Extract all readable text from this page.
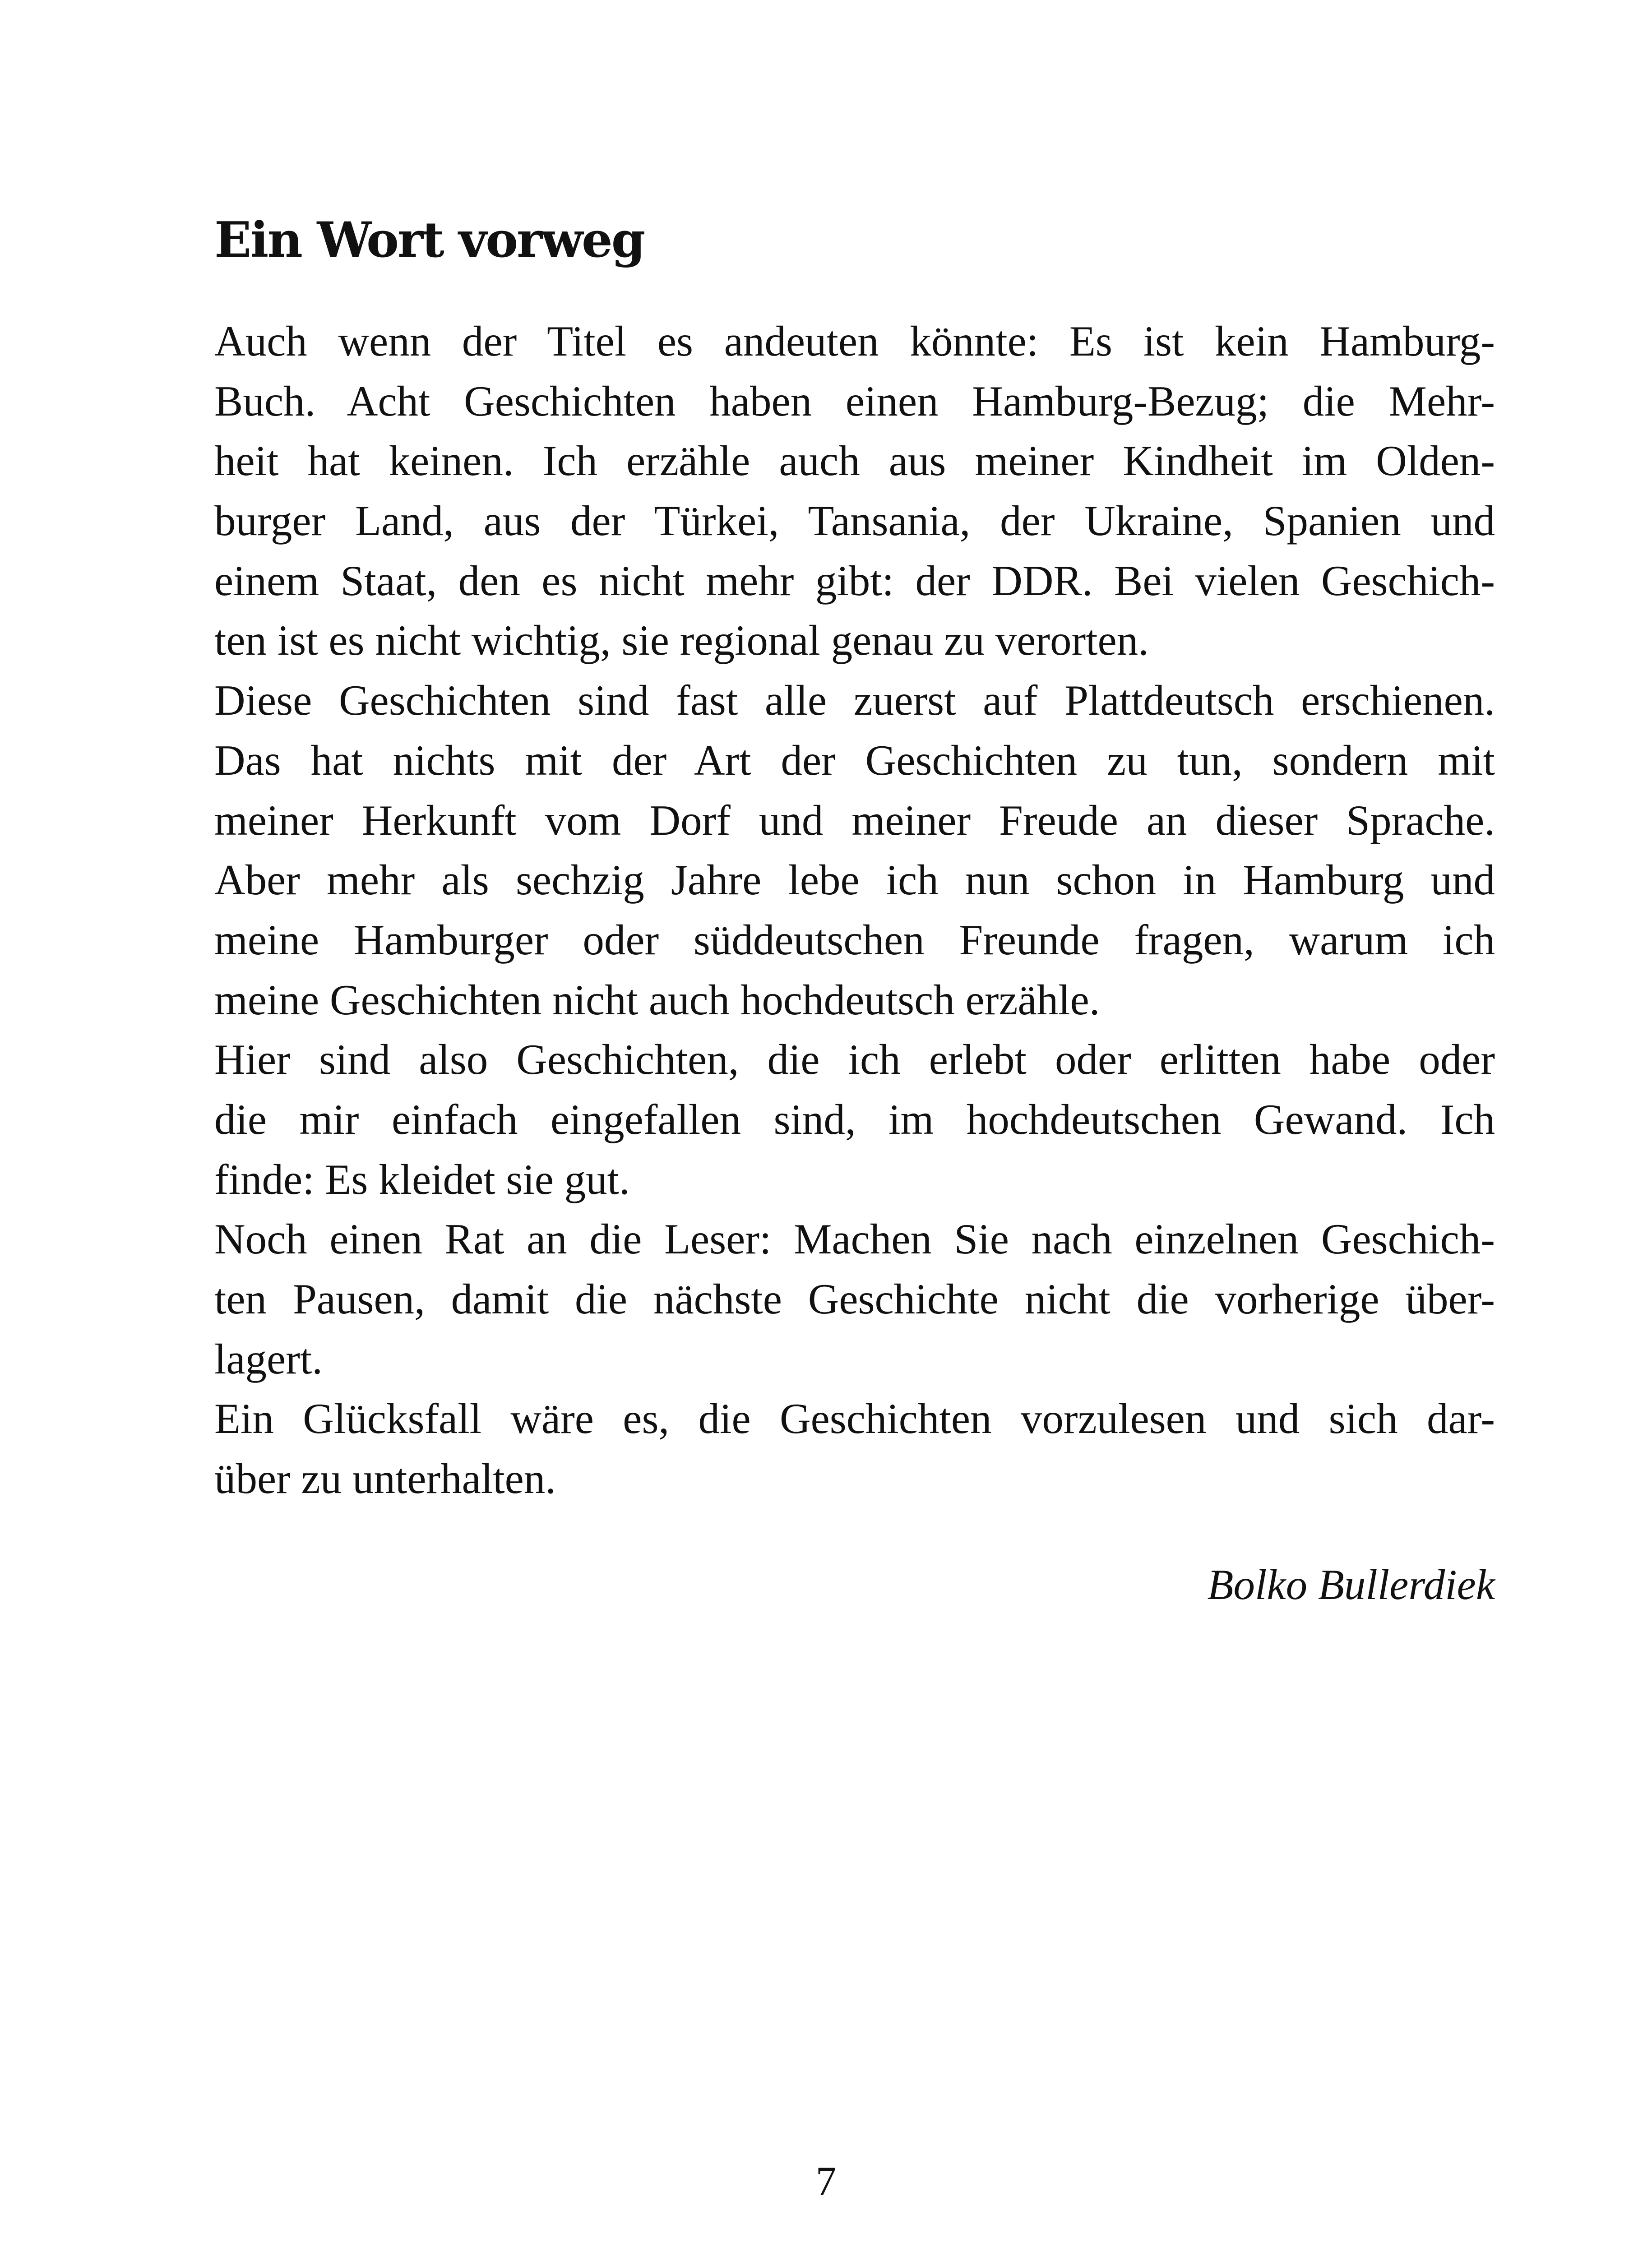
Ein Wort vorweg
Auch wenn der Titel es andeuten könnte: Es ist kein Hamburg-
Buch. Acht Geschichten haben einen Hamburg-Bezug; die Mehr-
heit hat keinen. Ich erzähle auch aus meiner Kindheit im Olden-
burger Land, aus der Türkei, Tansania, der Ukraine, Spanien und
einem Staat, den es nicht mehr gibt: der DDR. Bei vielen Geschich-
ten ist es nicht wichtig, sie regional genau zu verorten.
Diese Geschichten sind fast alle zuerst auf Plattdeutsch erschienen.
Das hat nichts mit der Art der Geschichten zu tun, sondern mit
meiner Herkunft vom Dorf und meiner Freude an dieser Sprache.
Aber mehr als sechzig Jahre lebe ich nun schon in Hamburg und
meine Hamburger oder süddeutschen Freunde fragen, warum ich
meine Geschichten nicht auch hochdeutsch erzähle.
Hier sind also Geschichten, die ich erlebt oder erlitten habe oder
die mir einfach eingefallen sind, im hochdeutschen Gewand. Ich
finde: Es kleidet sie gut.
Noch einen Rat an die Leser: Machen Sie nach einzelnen Geschich-
ten Pausen, damit die nächste Geschichte nicht die vorherige über-
lagert.
Ein Glücksfall wäre es, die Geschichten vorzulesen und sich dar-
über zu unterhalten.
Bolko Bullerdiek
7
